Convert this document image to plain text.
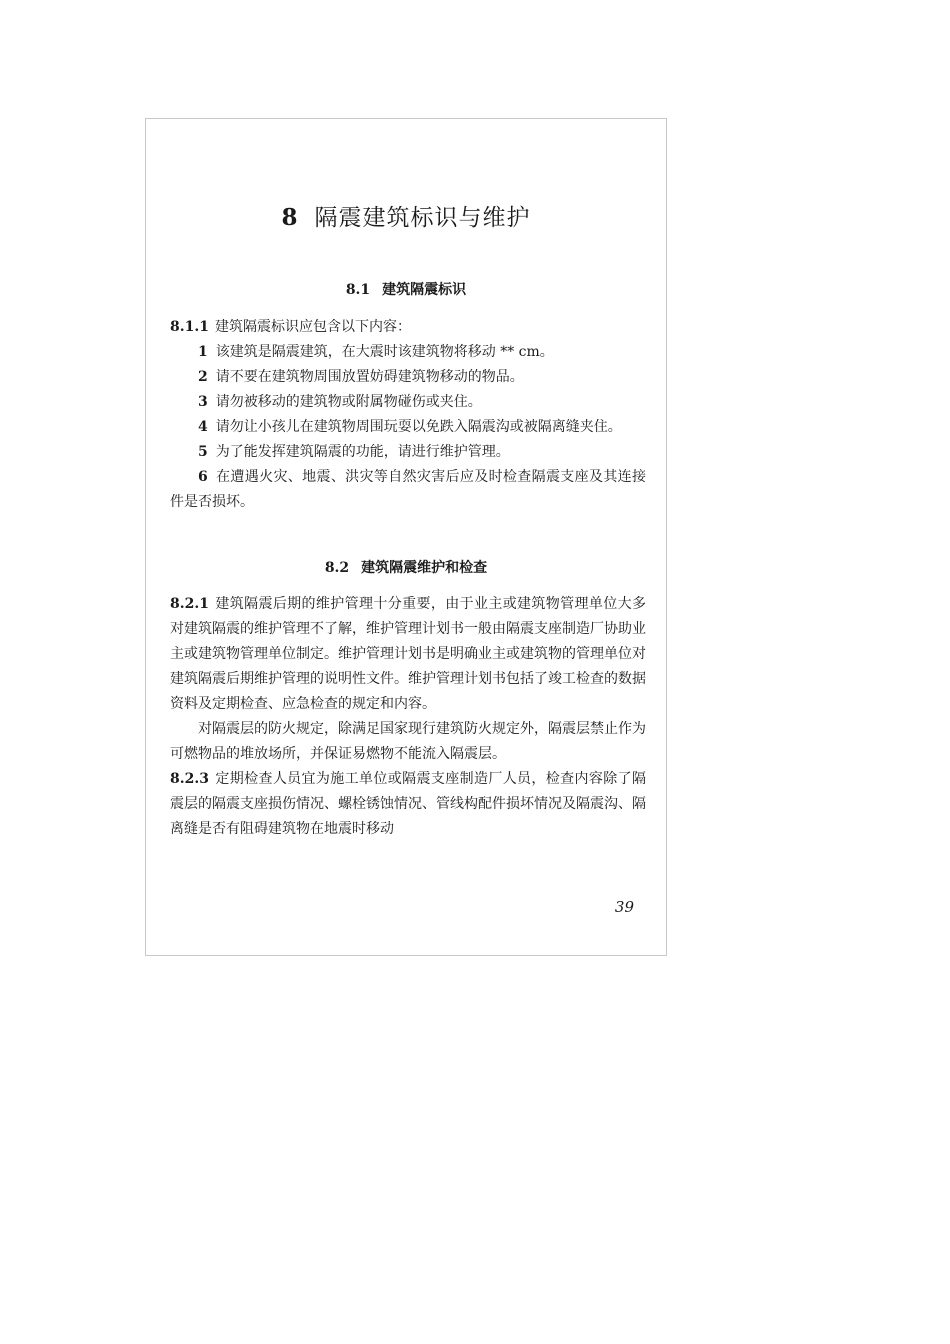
8 隔震建筑标识与维护
8.1 建筑隔震标识

8.1.1 建筑隔震标识应包含以下内容：

1 该建筑是隔震建筑，在大震时该建筑物将移动 ** cm。

2 请不要在建筑物周围放置妨碍建筑物移动的物品。

3 请勿被移动的建筑物或附属物碰伤或夹住。

4 请勿让小孩儿在建筑物周围玩耍以免跌入隔震沟或被隔离缝夹住。

5 为了能发挥建筑隔震的功能，请进行维护管理。

6 在遭遇火灾、地震、洪灾等自然灾害后应及时检查隔震支座及其连接件是否损坏。

8.2 建筑隔震维护和检查

8.2.1 建筑隔震后期的维护管理十分重要，由于业主或建筑物管理单位大多对建筑隔震的维护管理不了解，维护管理计划书一般由隔震支座制造厂协助业主或建筑物管理单位制定。维护管理计划书是明确业主或建筑物的管理单位对建筑隔震后期维护管理的说明性文件。维护管理计划书包括了竣工检查的数据资料及定期检查、应急检查的规定和内容。

对隔震层的防火规定，除满足国家现行建筑防火规定外，隔震层禁止作为可燃物品的堆放场所，并保证易燃物不能流入隔震层。

8.2.3 定期检查人员宜为施工单位或隔震支座制造厂人员，检查内容除了隔震层的隔震支座损伤情况、螺栓锈蚀情况、管线构配件损坏情况及隔震沟、隔离缝是否有阻碍建筑物在地震时移动

39
